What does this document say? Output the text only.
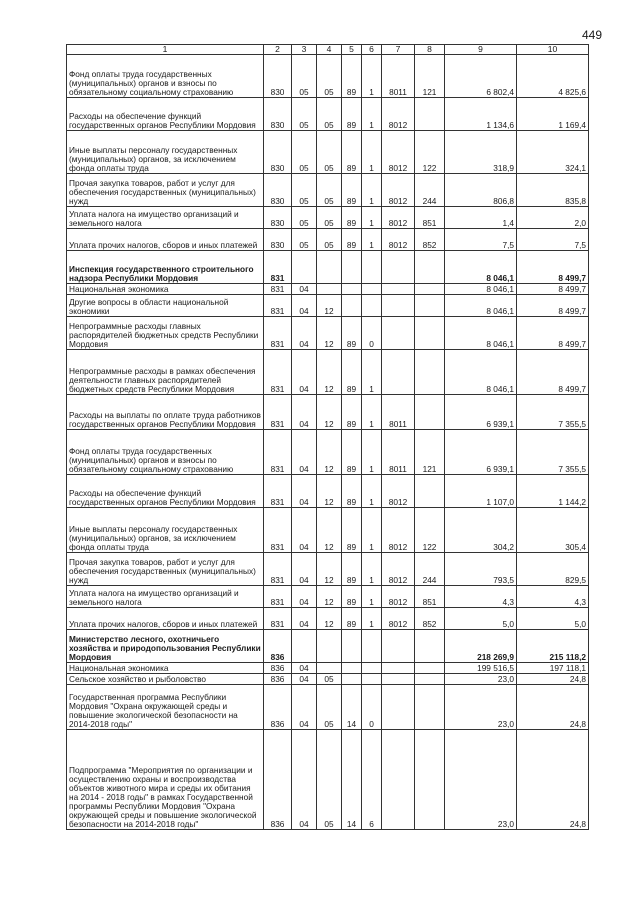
449
1	2	3	4	5	6	7	8	9	10
Фонд оплаты труда государственных (муниципальных) органов и взносы по обязательному социальному страхованию	830	05	05	89	1	8011	121	6 802,4	4 825,6
Расходы на обеспечение функций государственных органов Республики Мордовия	830	05	05	89	1	8012		1 134,6	1 169,4
Иные выплаты персоналу государственных (муниципальных) органов, за исключением фонда оплаты труда	830	05	05	89	1	8012	122	318,9	324,1
Прочая закупка товаров, работ и услуг для обеспечения государственных (муниципальных) нужд	830	05	05	89	1	8012	244	806,8	835,8
Уплата налога на имущество организаций и земельного налога	830	05	05	89	1	8012	851	1,4	2,0
Уплата прочих налогов, сборов и иных платежей	830	05	05	89	1	8012	852	7,5	7,5
Инспекция государственного строительного надзора Республики Мордовия	831							8 046,1	8 499,7
Национальная экономика	831	04						8 046,1	8 499,7
Другие вопросы в области национальной экономики	831	04	12					8 046,1	8 499,7
Непрограммные расходы главных распорядителей бюджетных средств Республики Мордовия	831	04	12	89	0			8 046,1	8 499,7
Непрограммные расходы в рамках обеспечения деятельности главных распорядителей бюджетных средств Республики Мордовия	831	04	12	89	1			8 046,1	8 499,7
Расходы на выплаты по оплате труда работников государственных органов Республики Мордовия	831	04	12	89	1	8011		6 939,1	7 355,5
Фонд оплаты труда государственных (муниципальных) органов и взносы по обязательному социальному страхованию	831	04	12	89	1	8011	121	6 939,1	7 355,5
Расходы на обеспечение функций государственных органов Республики Мордовия	831	04	12	89	1	8012		1 107,0	1 144,2
Иные выплаты персоналу государственных (муниципальных) органов, за исключением фонда оплаты труда	831	04	12	89	1	8012	122	304,2	305,4
Прочая закупка товаров, работ и услуг для обеспечения государственных (муниципальных) нужд	831	04	12	89	1	8012	244	793,5	829,5
Уплата налога на имущество организаций и земельного налога	831	04	12	89	1	8012	851	4,3	4,3
Уплата прочих налогов, сборов и иных платежей	831	04	12	89	1	8012	852	5,0	5,0
Министерство лесного, охотничьего хозяйства и природопользования Республики Мордовия	836							218 269,9	215 118,2
Национальная экономика	836	04						199 516,5	197 118,1
Сельское хозяйство и рыболовство	836	04	05					23,0	24,8
Государственная программа Республики Мордовия "Охрана окружающей среды и повышение экологической безопасности на 2014-2018 годы"	836	04	05	14	0			23,0	24,8
Подпрограмма "Мероприятия по организации и осуществлению охраны и воспроизводства объектов животного мира и среды их обитания на 2014 - 2018 годы" в рамках Государственной программы Республики Мордовия "Охрана окружающей среды и повышение экологической безопасности на 2014-2018 годы"	836	04	05	14	6			23,0	24,8
